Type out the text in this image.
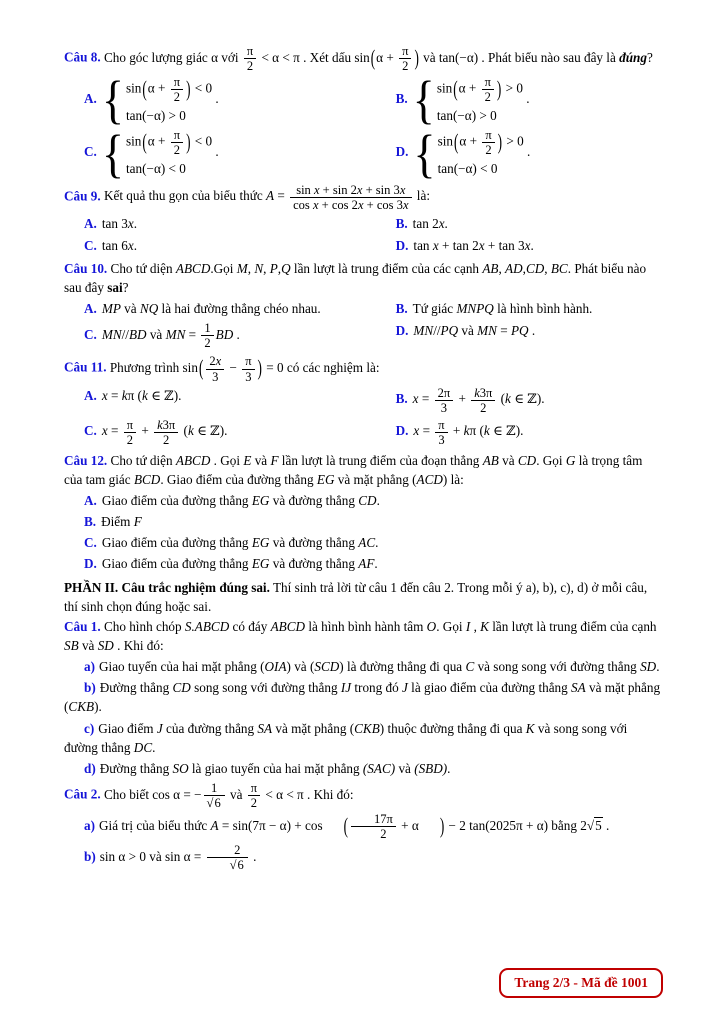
Câu 8. Cho góc lượng giác α với $\frac{\pi}{2} < \alpha < \pi$ . Xét dấu $\sin(\alpha + \frac{\pi}{2}$ ) và tan(−α) . Phát biểu nào sau đây là đúng?

A. { $\sin(\alpha + \frac{\pi}{2}$ ) < 0
tan(−α) > 0
.	B. { $\sin(\alpha + \frac{\pi}{2}$ ) > 0
tan(−α) > 0
.
C. { $\sin(\alpha + \frac{\pi}{2}$ ) < 0
tan(−α) < 0
.	D. { $\sin(\alpha + \frac{\pi}{2}$ ) > 0
tan(−α) < 0
.

Câu 9. Kết quả thu gọn của biểu thức $A = \frac{\text{sin x + sin 2x + sin 3x}}{\text{cos x + cos 2x + cos 3x}}$ là:

A. tan 3x.	B. tan 2x.
C. tan 6x.	D. tan x + tan 2x + tan 3x.

Câu 10. Cho tứ diện ABCD.Gọi M, N, P,Q lần lượt là trung điểm của các cạnh AB, AD,CD, BC. Phát biểu nào sau đây sai?

A. MP và NQ là hai đường thẳng chéo nhau.	B. Tứ giác MNPQ là hình bình hành.
C. MN//BD và MN = $\frac{1}{2}$ BD .	D. MN//PQ và MN = PQ .

Câu 11. Phương trình $\sin( \frac{2x}{3} - \frac{\pi}{3}$ ) = 0 có các nghiệm là:

A. x = kπ (k ∈ ℤ).	B. $x = \frac{2\pi}{3} + \frac{k3\pi}{2} (k$ ∈ ℤ).
C. $x = \frac{\pi}{2} + \frac{k3\pi}{2} (k$ ∈ ℤ).	D. $x = \frac{\pi}{3} + k\pi$ (k ∈ ℤ).

Câu 12. Cho tứ diện ABCD . Gọi E và F lần lượt là trung điểm của đoạn thẳng AB và CD. Gọi G là trọng tâm của tam giác BCD. Giao điểm của đường thẳng EG và mặt phẳng (ACD) là:

A. Giao điểm của đường thẳng EG và đường thẳng CD.
B. Điểm F
C. Giao điểm của đường thẳng EG và đường thẳng AC.
D. Giao điểm của đường thẳng EG và đường thẳng AF.

PHẦN II. Câu trắc nghiệm đúng sai. Thí sinh trả lời từ câu 1 đến câu 2. Trong mỗi ý a), b), c), d) ở mỗi câu, thí sinh chọn đúng hoặc sai.

Câu 1. Cho hình chóp S.ABCD có đáy ABCD là hình bình hành tâm O. Gọi I , K lần lượt là trung điểm của cạnh SB và SD . Khi đó:

a) Giao tuyến của hai mặt phẳng (OIA) và (SCD) là đường thẳng đi qua C và song song với đường thẳng SD.

b) Đường thẳng CD song song với đường thẳng IJ trong đó J là giao điểm của đường thẳng SA và mặt phẳng (CKB).

c) Giao điểm J của đường thẳng SA và mặt phẳng (CKB) thuộc đường thẳng đi qua K và song song với đường thẳng DC.

d) Đường thẳng SO là giao tuyến của hai mặt phẳng (SAC) và (SBD).

Câu 2. Cho biết cos α = − $\frac{1}{√6}$ và $\frac{\pi}{2} < \alpha < \pi$ . Khi đó:

a) Giá trị của biểu thức A = sin(7π − α) + cos ( $\frac{17\pi}{2} + \alpha$ ) − 2 tan(2025π + α) bằng 2√5 .

b) sin α > 0 và $\sin \alpha = \frac{2}{√6}$ .

Trang 2/3 - Mã đề 1001
